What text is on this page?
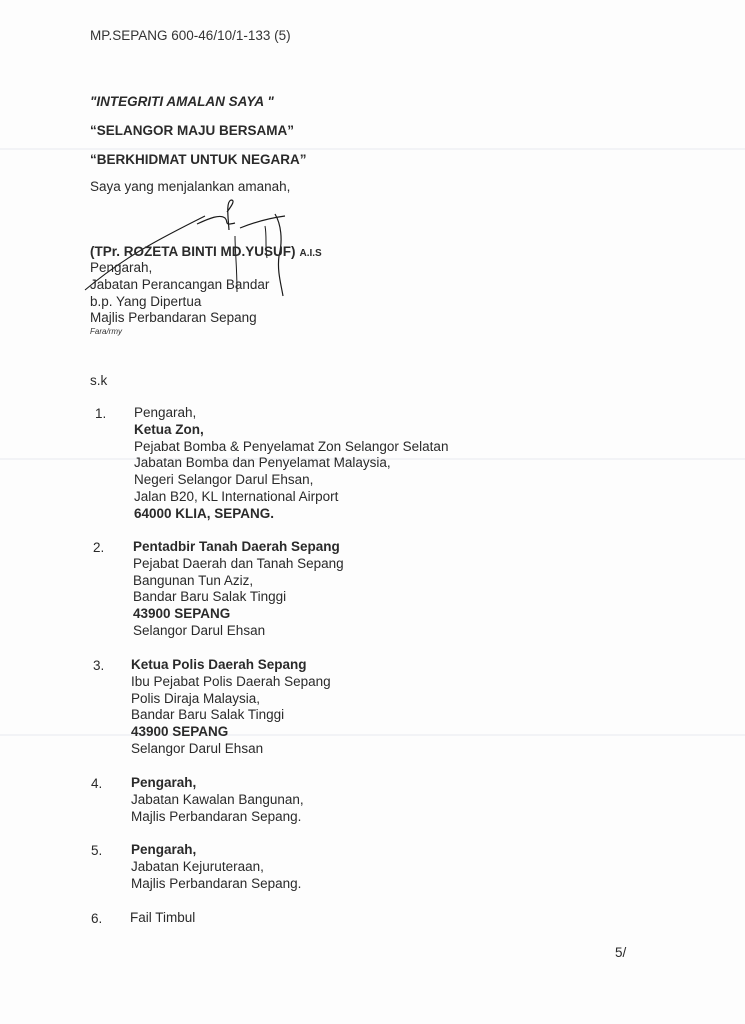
MP.SEPANG 600-46/10/1-133 (5)
"INTEGRITI AMALAN SAYA "
“SELANGOR MAJU BERSAMA”
“BERKHIDMAT UNTUK NEGARA”
Saya yang menjalankan amanah,
(TPr. ROZETA BINTI MD.YUSUF) A.I.S
Pengarah,
Jabatan Perancangan Bandar
b.p. Yang Dipertua
Majlis Perbandaran Sepang
Fara/rmy
s.k
1. Pengarah,
Ketua Zon,
Pejabat Bomba & Penyelamat Zon Selangor Selatan
Jabatan Bomba dan Penyelamat Malaysia,
Negeri Selangor Darul Ehsan,
Jalan B20, KL International Airport
64000 KLIA, SEPANG.
2. Pentadbir Tanah Daerah Sepang
Pejabat Daerah dan Tanah Sepang
Bangunan Tun Aziz,
Bandar Baru Salak Tinggi
43900 SEPANG
Selangor Darul Ehsan
3. Ketua Polis Daerah Sepang
Ibu Pejabat Polis Daerah Sepang
Polis Diraja Malaysia,
Bandar Baru Salak Tinggi
43900 SEPANG
Selangor Darul Ehsan
4. Pengarah,
Jabatan Kawalan Bangunan,
Majlis Perbandaran Sepang.
5. Pengarah,
Jabatan Kejuruteraan,
Majlis Perbandaran Sepang.
6. Fail Timbul
5/
